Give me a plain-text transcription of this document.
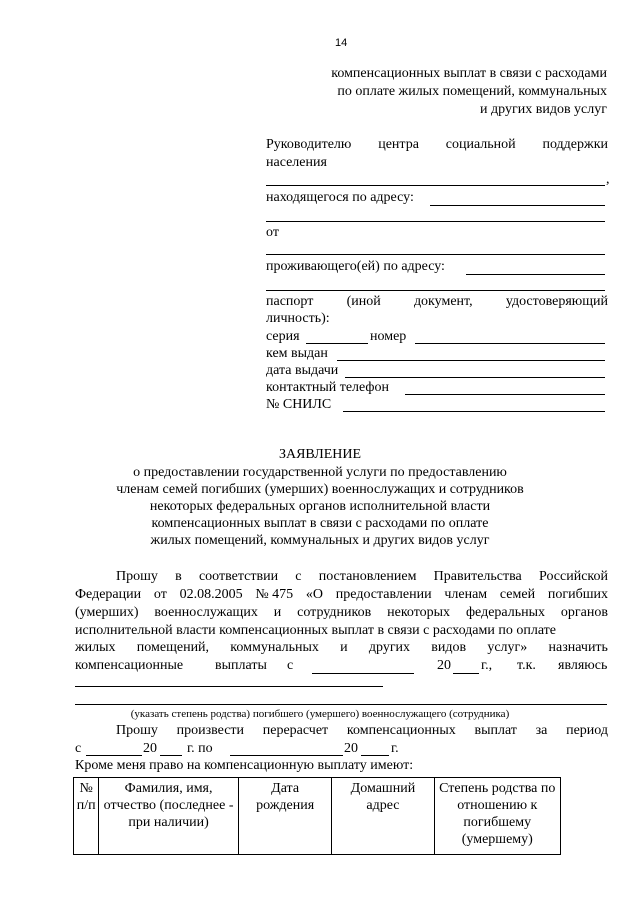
14
компенсационных выплат в связи с расходами
по оплате жилых помещений, коммунальных
и других видов услуг
Руководителю центра социальной поддержки
населения
,
находящегося по адресу:
от
проживающего(ей) по адресу:
паспорт (иной документ, удостоверяющий
личность):
серия	номер
кем выдан
дата выдачи
контактный телефон
№ СНИЛС
ЗАЯВЛЕНИЕ
о предоставлении государственной услуги по предоставлению
членам семей погибших (умерших) военнослужащих и сотрудников
некоторых федеральных органов исполнительной власти
компенсационных выплат в связи с расходами по оплате
жилых помещений, коммунальных и других видов услуг
Прошу в соответствии с постановлением Правительства Российской
Федерации от 02.08.2005 № 475 «О предоставлении членам семей погибших
(умерших) военнослужащих и сотрудников некоторых федеральных органов
исполнительной власти компенсационных выплат в связи с расходами по оплате
жилых помещений, коммунальных и других видов услуг» назначить
компенсационные выплаты с	20 г., т.к. являюсь
(указать степень родства) погибшего (умершего) военнослужащего (сотрудника)
Прошу произвести перерасчет компенсационных выплат за период
с	20 г. по	20 г.
Кроме меня право на компенсационную выплату имеют:
№ п/п	Фамилия, имя, отчество (последнее - при наличии)	Дата рождения	Домашний адрес	Степень родства по отношению к погибшему (умершему)
